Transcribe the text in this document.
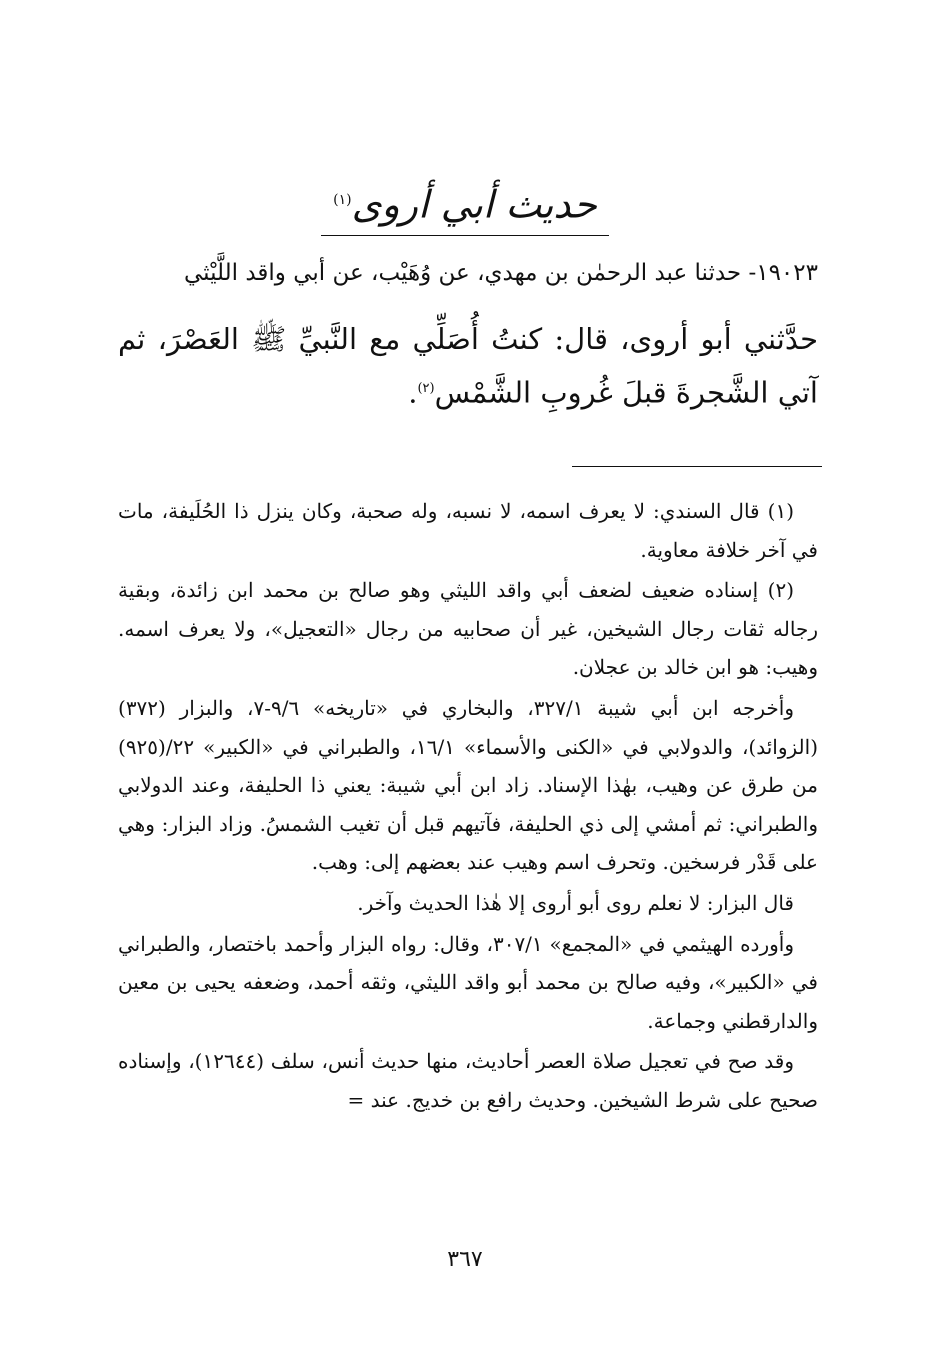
حديث أبي أروى$^{(١)}$

١٩٠٢٣- حدثنا عبد الرحمٰن بن مهدي، عن وُهَيْب، عن أبي واقد اللَّيْثي

حدَّثني أبو أروى، قال: كنتُ أُصَلِّي مع النَّبيِّ ﷺ العَصْرَ، ثم آتي الشَّجرةَ قبلَ غُروبِ الشَّمْس$^{(٢)}$.

(١) قال السندي: لا يعرف اسمه، لا نسبه، وله صحبة، وكان ينزل ذا الحُلَيفة، مات في آخر خلافة معاوية.

(٢) إسناده ضعيف لضعف أبي واقد الليثي وهو صالح بن محمد ابن زائدة، وبقية رجاله ثقات رجال الشيخين، غير أن صحابيه من رجال «التعجيل»، ولا يعرف اسمه. وهيب: هو ابن خالد بن عجلان.

وأخرجه ابن أبي شيبة ٣٢٧/١، والبخاري في «تاريخه» ٩/٦-٧، والبزار (٣٧٢) (الزوائد)، والدولابي في «الكنى والأسماء» ١٦/١، والطبراني في «الكبير» ٢٢/(٩٢٥) من طرق عن وهيب، بهٰذا الإسناد. زاد ابن أبي شيبة: يعني ذا الحليفة، وعند الدولابي والطبراني: ثم أمشي إلى ذي الحليفة، فآتيهم قبل أن تغيب الشمسُ. وزاد البزار: وهي على قَدْر فرسخين. وتحرف اسم وهيب عند بعضهم إلى: وهب.

قال البزار: لا نعلم روى أبو أروى إلا هٰذا الحديث وآخر.

وأورده الهيثمي في «المجمع» ٣٠٧/١، وقال: رواه البزار وأحمد باختصار، والطبراني في «الكبير»، وفيه صالح بن محمد أبو واقد الليثي، وثقه أحمد، وضعفه يحيى بن معين والدارقطني وجماعة.

وقد صح في تعجيل صلاة العصر أحاديث، منها حديث أنس، سلف (١٢٦٤٤)، وإسناده صحيح على شرط الشيخين. وحديث رافع بن خديج. عند =

٣٦٧
